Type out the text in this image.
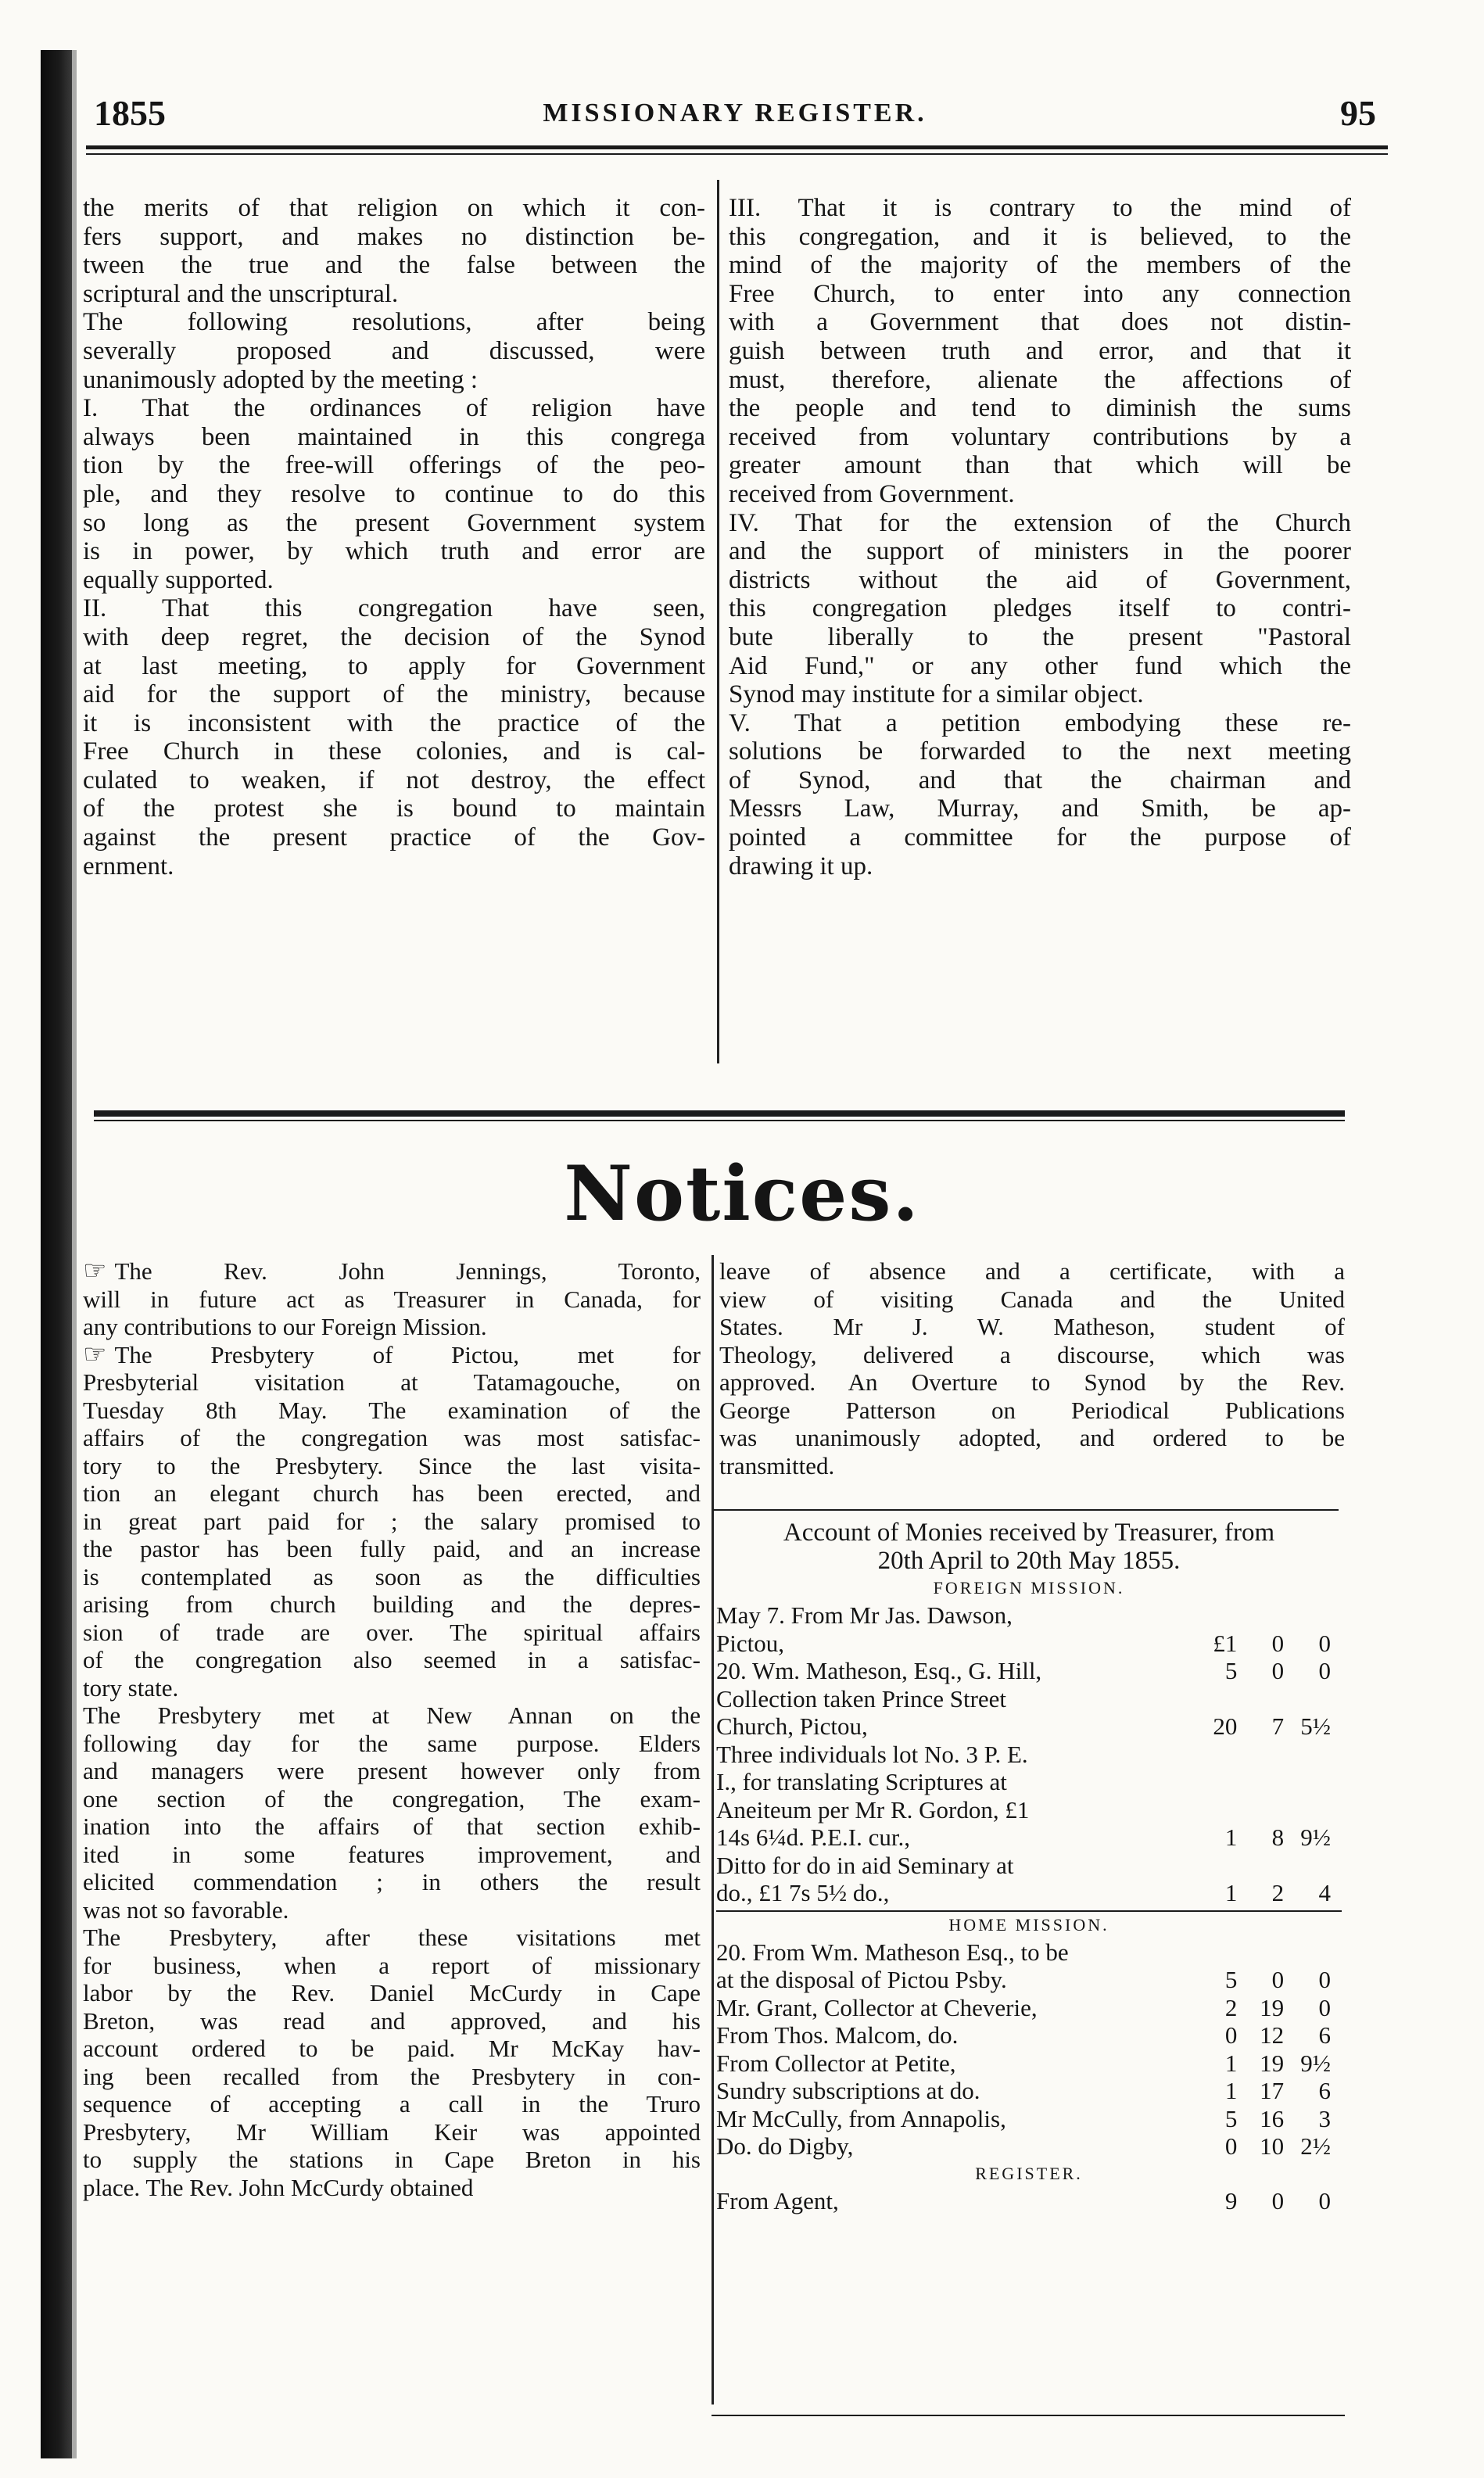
1855	MISSIONARY REGISTER.	95
the merits of that religion on which it con-
fers support, and makes no distinction be-
tween the true and the false between the
scriptural and the unscriptural.
The following resolutions, after being
severally proposed and discussed, were
unanimously adopted by the meeting :
I. That the ordinances of religion have
always been maintained in this congrega
tion by the free-will offerings of the peo-
ple, and they resolve to continue to do this
so long as the present Government system
is in power, by which truth and error are
equally supported.
II. That this congregation have seen,
with deep regret, the decision of the Synod
at last meeting, to apply for Government
aid for the support of the ministry, because
it is inconsistent with the practice of the
Free Church in these colonies, and is cal-
culated to weaken, if not destroy, the effect
of the protest she is bound to maintain
against the present practice of the Gov-
ernment.
III. That it is contrary to the mind of
this congregation, and it is believed, to the
mind of the majority of the members of the
Free Church, to enter into any connection
with a Government that does not distin-
guish between truth and error, and that it
must, therefore, alienate the affections of
the people and tend to diminish the sums
received from voluntary contributions by a
greater amount than that which will be
received from Government.
IV. That for the extension of the Church
and the support of ministers in the poorer
districts without the aid of Government,
this congregation pledges itself to contri-
bute liberally to the present "Pastoral
Aid Fund," or any other fund which the
Synod may institute for a similar object.
V. That a petition embodying these re-
solutions be forwarded to the next meeting
of Synod, and that the chairman and
Messrs Law, Murray, and Smith, be ap-
pointed a committee for the purpose of
drawing it up.
Notices.
☞ The Rev. John Jennings, Toronto,
will in future act as Treasurer in Canada, for
any contributions to our Foreign Mission.
☞ The Presbytery of Pictou, met for
Presbyterial visitation at Tatamagouche, on
Tuesday 8th May. The examination of the
affairs of the congregation was most satisfac-
tory to the Presbytery. Since the last visita-
tion an elegant church has been erected, and
in great part paid for ; the salary promised to
the pastor has been fully paid, and an increase
is contemplated as soon as the difficulties
arising from church building and the depres-
sion of trade are over. The spiritual affairs
of the congregation also seemed in a satisfac-
tory state.
The Presbytery met at New Annan on the
following day for the same purpose. Elders
and managers were present however only from
one section of the congregation, The exam-
ination into the affairs of that section exhib-
ited in some features improvement, and
elicited commendation ; in others the result
was not so favorable.
The Presbytery, after these visitations met
for business, when a report of missionary
labor by the Rev. Daniel McCurdy in Cape
Breton, was read and approved, and his
account ordered to be paid. Mr McKay hav-
ing been recalled from the Presbytery in con-
sequence of accepting a call in the Truro
Presbytery, Mr William Keir was appointed
to supply the stations in Cape Breton in his
place. The Rev. John McCurdy obtained
leave of absence and a certificate, with a
view of visiting Canada and the United
States. Mr J. W. Matheson, student of
Theology, delivered a discourse, which was
approved. An Overture to Synod by the Rev.
George Patterson on Periodical Publications
was unanimously adopted, and ordered to be
transmitted.
Account of Monies received by Treasurer, from
20th April to 20th May 1855.
FOREIGN MISSION.
May 7. From Mr Jas. Dawson,			
Pictou,	£1	0	0
20. Wm. Matheson, Esq., G. Hill,	5	0	0
Collection taken Prince Street			
Church, Pictou,	20	7	5½
Three individuals lot No. 3 P. E.			
I., for translating Scriptures at			
Aneiteum per Mr R. Gordon, £1			
14s 6¼d. P.E.I. cur.,	1	8	9½
Ditto for do in aid Seminary at			
do., £1 7s 5½ do.,	1	2	4
HOME MISSION.
20. From Wm. Matheson Esq., to be			
at the disposal of Pictou Psby.	5	0	0
Mr. Grant, Collector at Cheverie,	2	19	0
From Thos. Malcom, do.	0	12	6
From Collector at Petite,	1	19	9½
Sundry subscriptions at do.	1	17	6
Mr McCully, from Annapolis,	5	16	3
Do. do Digby,	0	10	2½
REGISTER.
From Agent,	9	0	0
